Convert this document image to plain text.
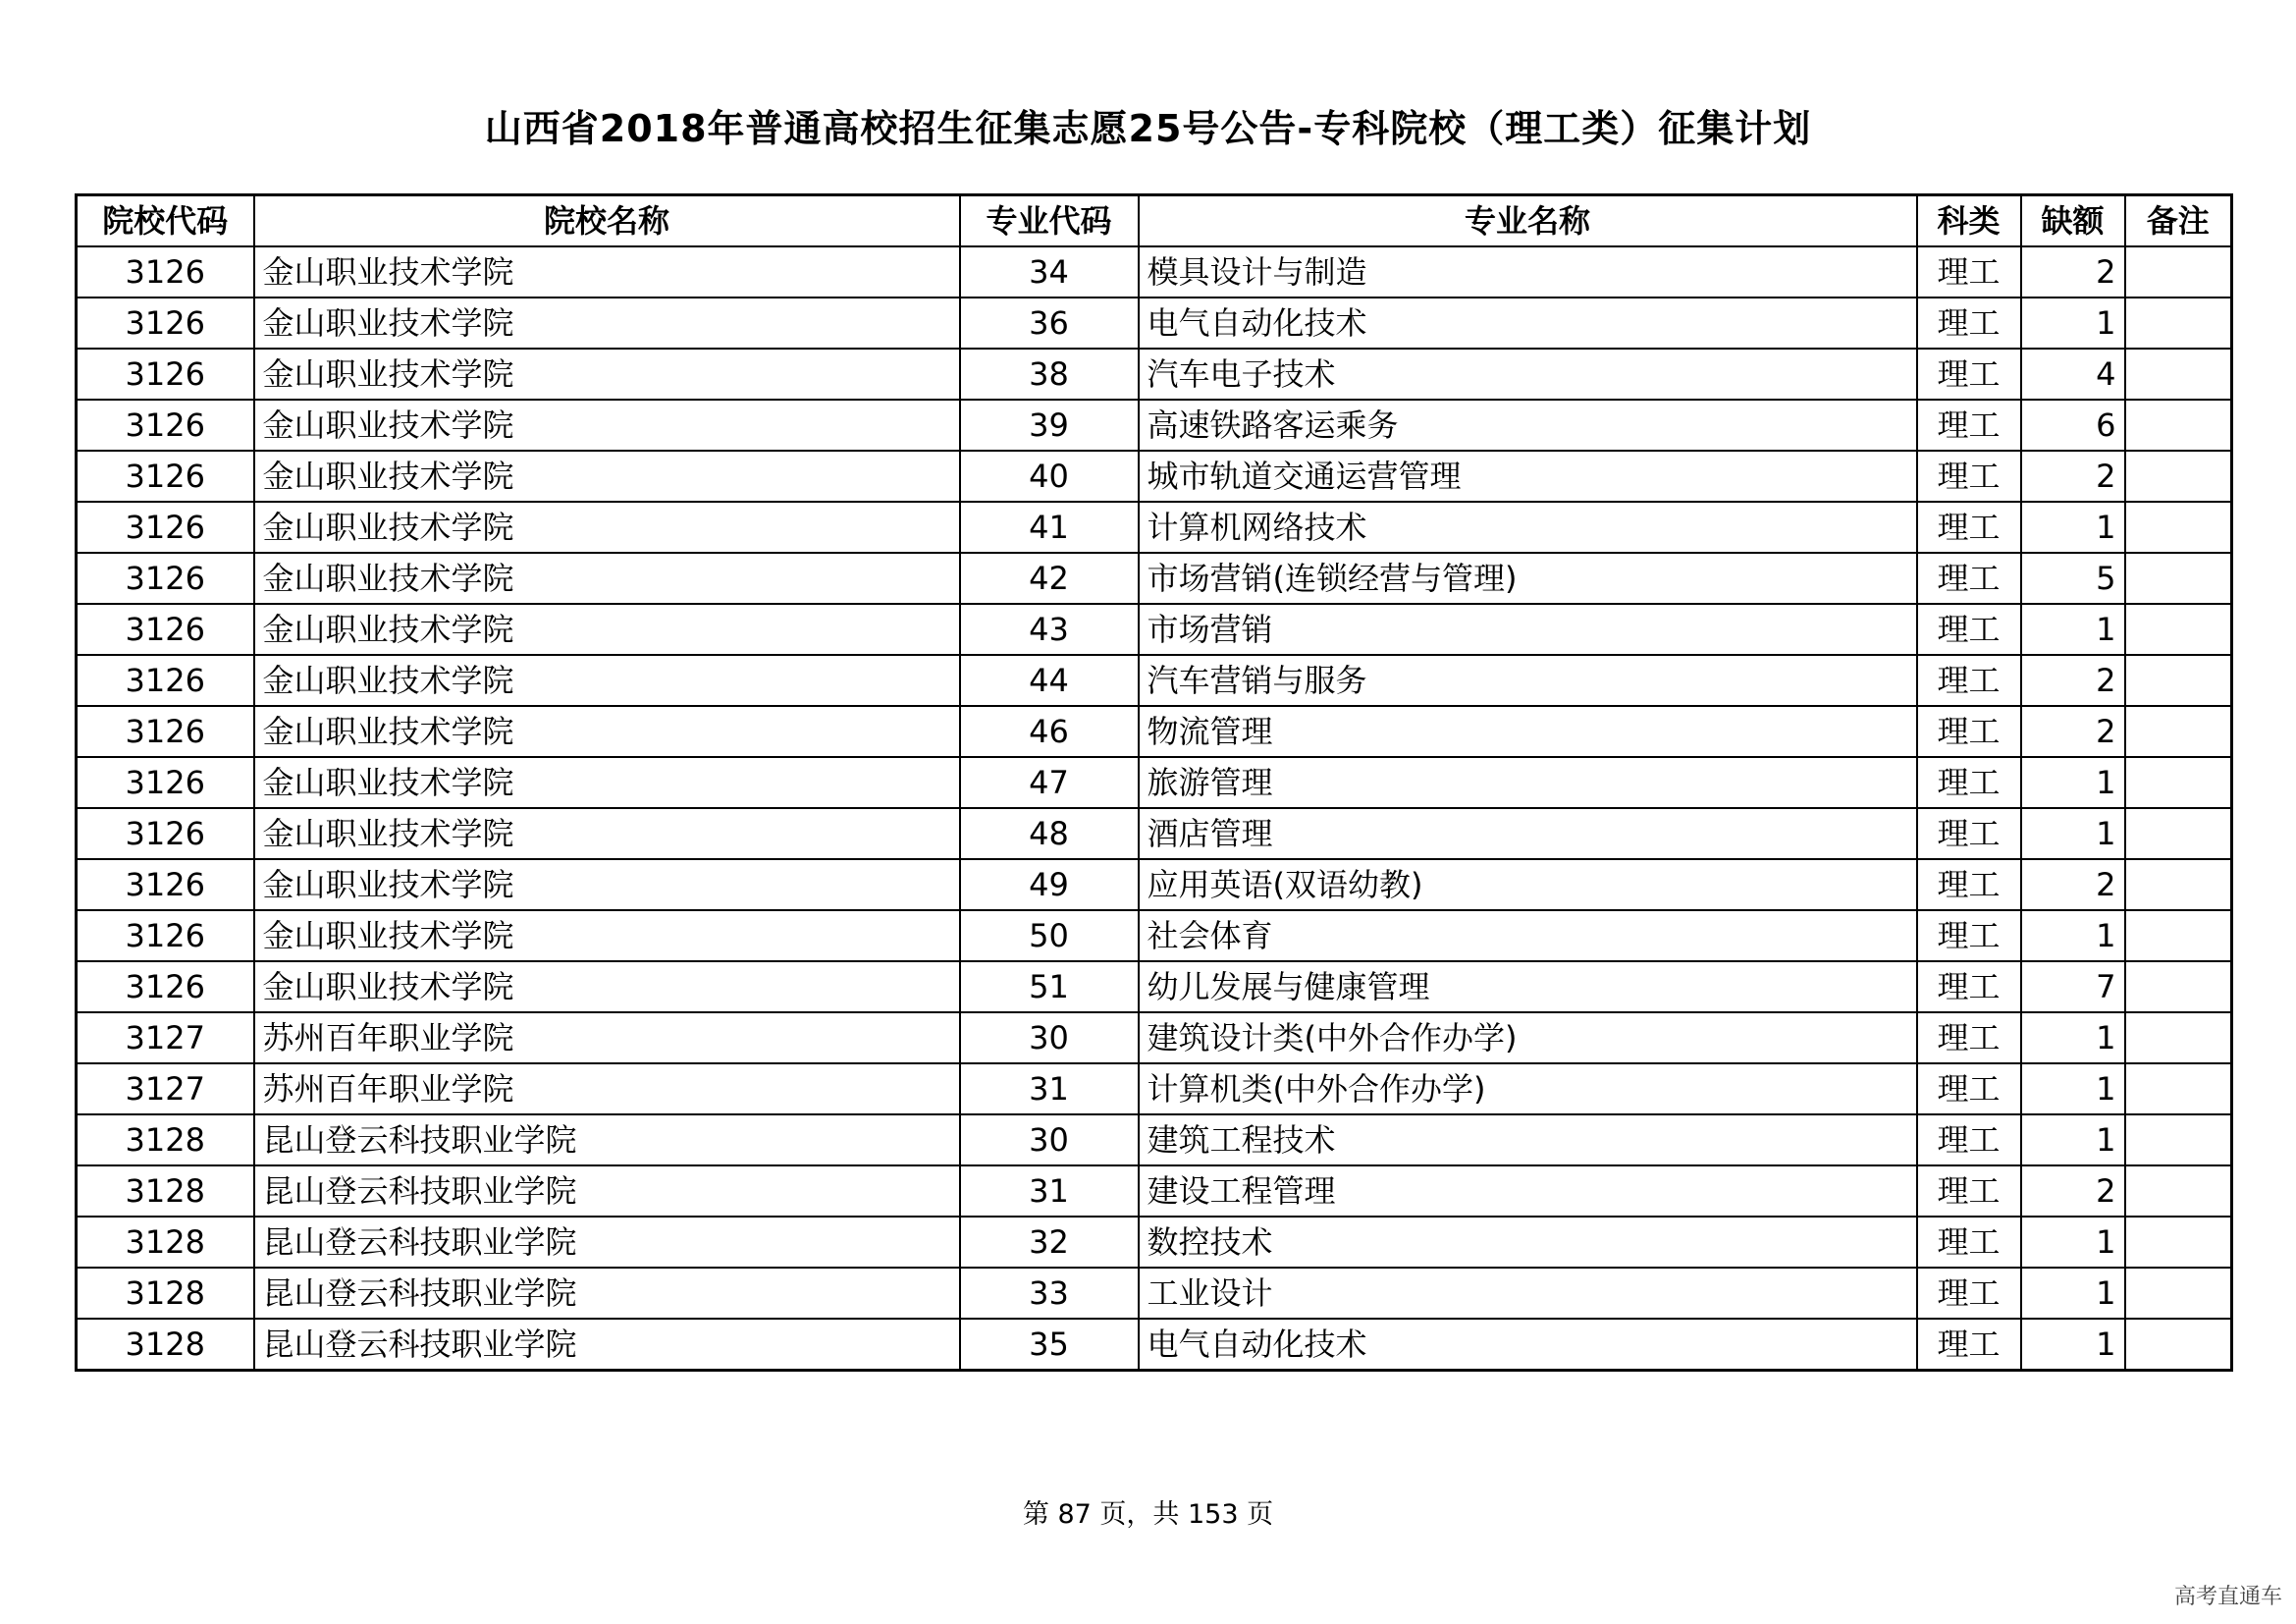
山西省2018年普通高校招生征集志愿25号公告-专科院校（理工类）征集计划
院校代码	院校名称	专业代码	专业名称	科类	缺额	备注
3126	金山职业技术学院	34	模具设计与制造	理工	2	
3126	金山职业技术学院	36	电气自动化技术	理工	1	
3126	金山职业技术学院	38	汽车电子技术	理工	4	
3126	金山职业技术学院	39	高速铁路客运乘务	理工	6	
3126	金山职业技术学院	40	城市轨道交通运营管理	理工	2	
3126	金山职业技术学院	41	计算机网络技术	理工	1	
3126	金山职业技术学院	42	市场营销(连锁经营与管理)	理工	5	
3126	金山职业技术学院	43	市场营销	理工	1	
3126	金山职业技术学院	44	汽车营销与服务	理工	2	
3126	金山职业技术学院	46	物流管理	理工	2	
3126	金山职业技术学院	47	旅游管理	理工	1	
3126	金山职业技术学院	48	酒店管理	理工	1	
3126	金山职业技术学院	49	应用英语(双语幼教)	理工	2	
3126	金山职业技术学院	50	社会体育	理工	1	
3126	金山职业技术学院	51	幼儿发展与健康管理	理工	7	
3127	苏州百年职业学院	30	建筑设计类(中外合作办学)	理工	1	
3127	苏州百年职业学院	31	计算机类(中外合作办学)	理工	1	
3128	昆山登云科技职业学院	30	建筑工程技术	理工	1	
3128	昆山登云科技职业学院	31	建设工程管理	理工	2	
3128	昆山登云科技职业学院	32	数控技术	理工	1	
3128	昆山登云科技职业学院	33	工业设计	理工	1	
3128	昆山登云科技职业学院	35	电气自动化技术	理工	1	
第 87 页，共 153 页
高考直通车
